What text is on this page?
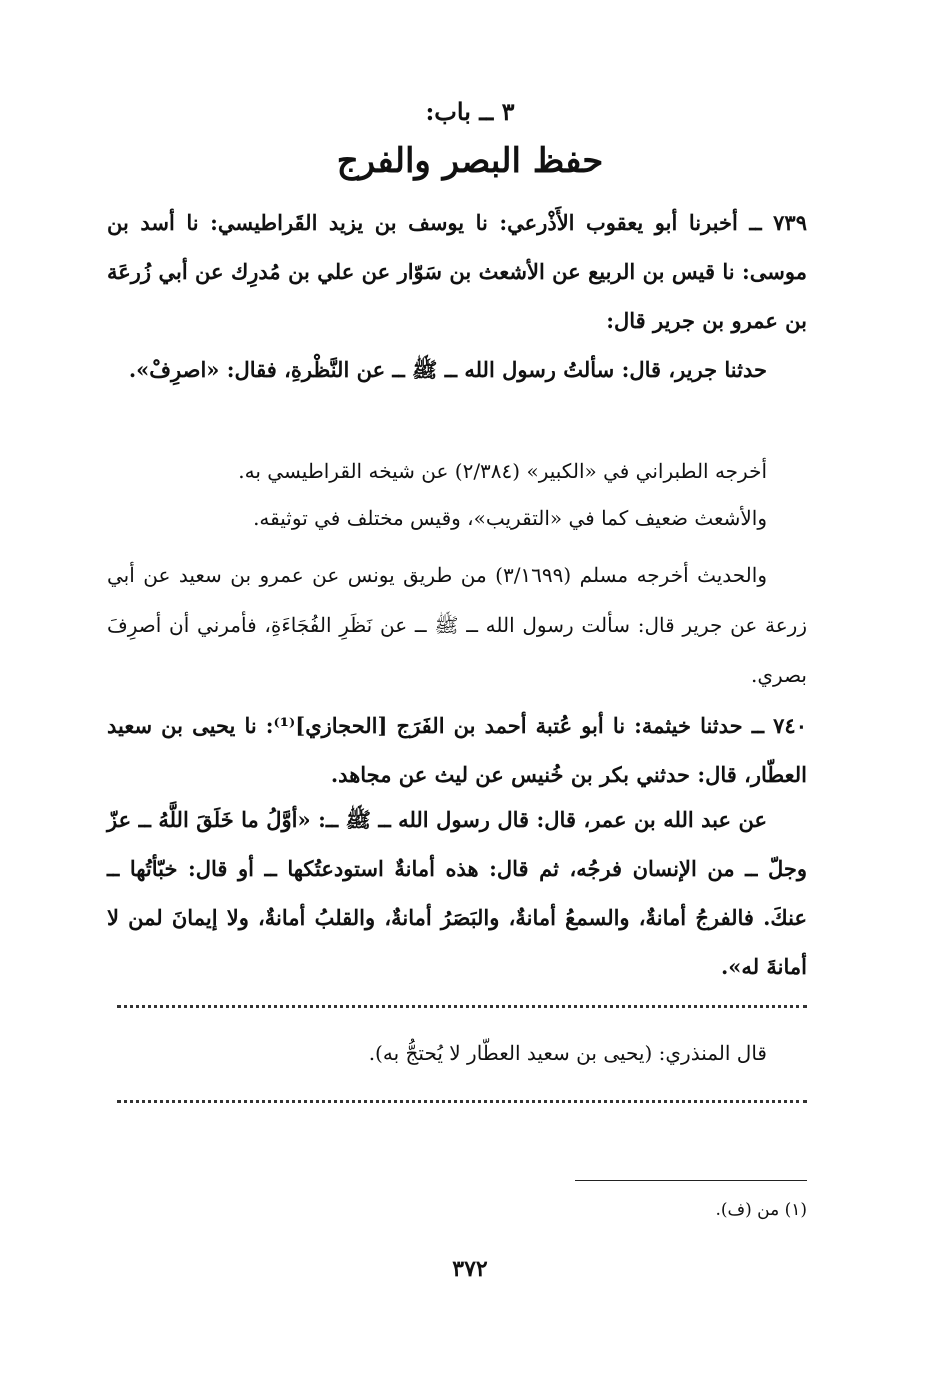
٣ ــ باب:

حفظ البصر والفرج

٧٣٩ ــ أخبرنا أبو يعقوب الأَذْرعي: نا يوسف بن يزيد القَراطيسي: نا أسد بن موسى: نا قيس بن الربيع عن الأشعث بن سَوّار عن علي بن مُدرِك عن أبي زُرعَة بن عمرو بن جرير قال:

حدثنا جرير، قال: سألتُ رسول الله ــ ﷺ ــ عن النَّظْرةِ، فقال: «اصرِفْ».

أخرجه الطبراني في «الكبير» (٢/٣٨٤) عن شيخه القراطيسي به.

والأشعث ضعيف كما في «التقريب»، وقيس مختلف في توثيقه.

والحديث أخرجه مسلم (٣/١٦٩٩) من طريق يونس عن عمرو بن سعيد عن أبي زرعة عن جرير قال: سألت رسول الله ــ ﷺ ــ عن نَظَرِ الفُجَاءَةِ، فأمرني أن أصرِفَ بصري.

٧٤٠ ــ حدثنا خيثمة: نا أبو عُتبة أحمد بن الفَرَج [الحجازي]⁽¹⁾: نا يحيى بن سعيد العطّار، قال: حدثني بكر بن خُنيس عن ليث عن مجاهد.

عن عبد الله بن عمر، قال: قال رسول الله ــ ﷺ ــ: «أوَّلُ ما خَلَقَ اللَّهُ ــ عزّ وجلّ ــ من الإنسان فرجُه، ثم قال: هذه أمانةٌ استودعتُكها ــ أو قال: خبّأتُها ــ عنكَ. فالفرجُ أمانةٌ، والسمعُ أمانةٌ، والبَصَرُ أمانةٌ، والقلبُ أمانةٌ، ولا إيمانَ لمن لا أمانةَ له».

قال المنذري: (يحيى بن سعيد العطّار لا يُحتجُّ به).

(١) من (ف).

٣٧٢
